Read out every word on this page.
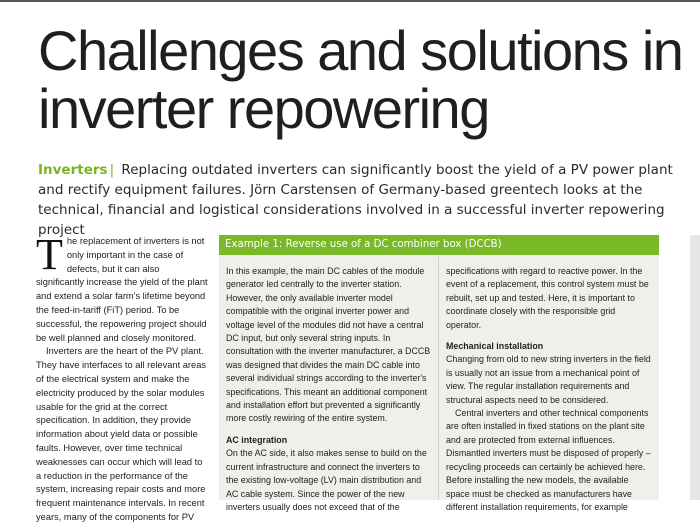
Challenges and solutions in inverter repowering
Inverters | Replacing outdated inverters can significantly boost the yield of a PV power plant and rectify equipment failures. Jörn Carstensen of Germany-based greentech looks at the technical, financial and logistical considerations involved in a successful inverter repowering project

The replacement of inverters is not only important in the case of defects, but it can also significantly increase the yield of the plant and extend a solar farm's lifetime beyond the feed-in-tariff (FiT) period. To be successful, the repowering project should be well planned and closely monitored.

Inverters are the heart of the PV plant. They have interfaces to all relevant areas of the electrical system and make the electricity produced by the solar modules usable for the grid at the correct specification. In addition, they provide information about yield data or possible faults. However, over time technical weaknesses can occur which will lead to a reduction in the performance of the system, increasing repair costs and more frequent maintenance intervals. In recent years, many of the components for PV

Example 1: Reverse use of a DC combiner box (DCCB)

In this example, the main DC cables of the module generator led centrally to the inverter station. However, the only available inverter model compatible with the original inverter power and voltage level of the modules did not have a central DC input, but only several string inputs. In consultation with the inverter manufacturer, a DCCB was designed that divides the main DC cable into several individual strings according to the inverter's specifications. This meant an additional component and installation effort but prevented a significantly more costly rewiring of the entire system.

AC integration

On the AC side, it also makes sense to build on the current infrastructure and connect the inverters to the existing low-voltage (LV) main distribution and AC cable system. Since the power of the new inverters usually does not exceed that of the

specifications with regard to reactive power. In the event of a replacement, this control system must be rebuilt, set up and tested. Here, it is important to coordinate closely with the responsible grid operator.

Mechanical installation

Changing from old to new string inverters in the field is usually not an issue from a mechanical point of view. The regular installation requirements and structural aspects need to be considered.

Central inverters and other technical components are often installed in fixed stations on the plant site and are protected from external influences. Dismantled inverters must be disposed of properly – recycling proceeds can certainly be achieved here. Before installing the new models, the available space must be checked as manufacturers have different installation requirements, for example
